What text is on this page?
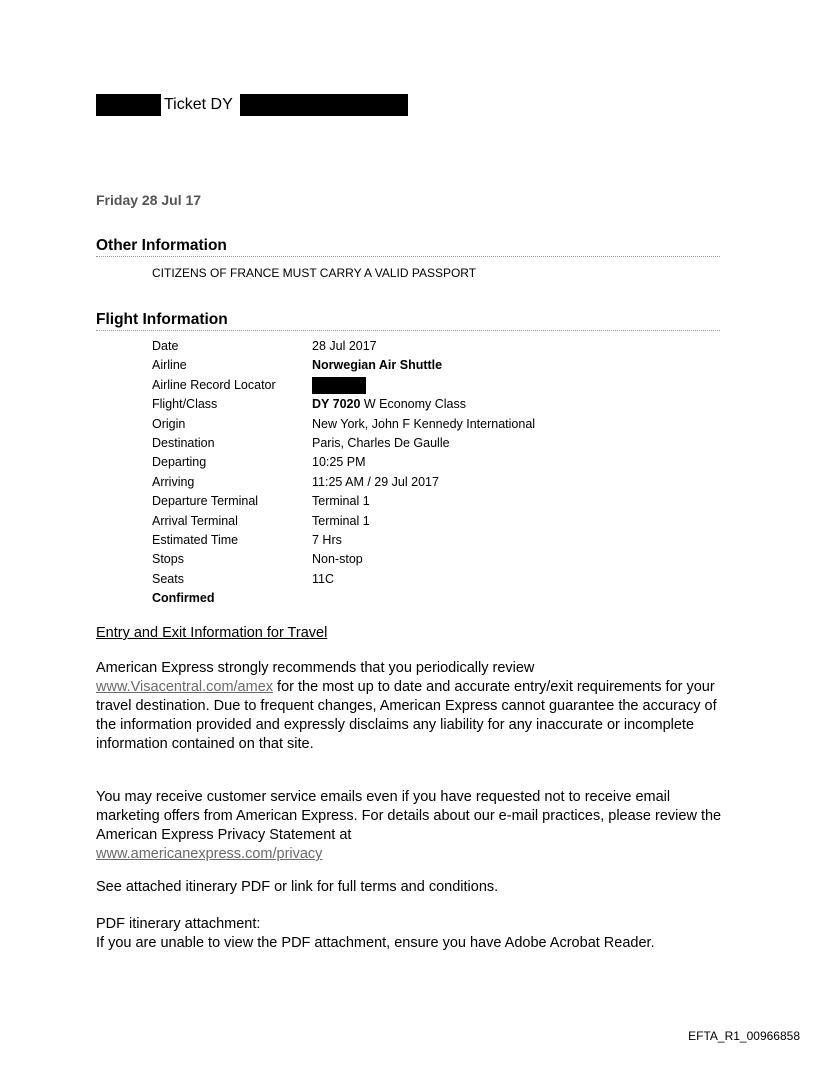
Ticket DY
Friday 28 Jul 17
Other Information
CITIZENS OF FRANCE MUST CARRY A VALID PASSPORT
Flight Information
Date	28 Jul 2017
Airline	Norwegian Air Shuttle
Airline Record Locator
Flight/Class	DY 7020 W Economy Class
Origin	New York, John F Kennedy International
Destination	Paris, Charles De Gaulle
Departing	10:25 PM
Arriving	11:25 AM / 29 Jul 2017
Departure Terminal	Terminal 1
Arrival Terminal	Terminal 1
Estimated Time	7 Hrs
Stops	Non-stop
Seats	11C
Confirmed
Entry and Exit Information for Travel
American Express strongly recommends that you periodically review
www.Visacentral.com/amex for the most up to date and accurate entry/exit requirements for your travel destination. Due to frequent changes, American Express cannot guarantee the accuracy of the information provided and expressly disclaims any liability for any inaccurate or incomplete information contained on that site.
You may receive customer service emails even if you have requested not to receive email marketing offers from American Express. For details about our e-mail practices, please review the American Express Privacy Statement at
www.americanexpress.com/privacy
See attached itinerary PDF or link for full terms and conditions.
PDF itinerary attachment:
If you are unable to view the PDF attachment, ensure you have Adobe Acrobat Reader.
EFTA_R1_00966858
